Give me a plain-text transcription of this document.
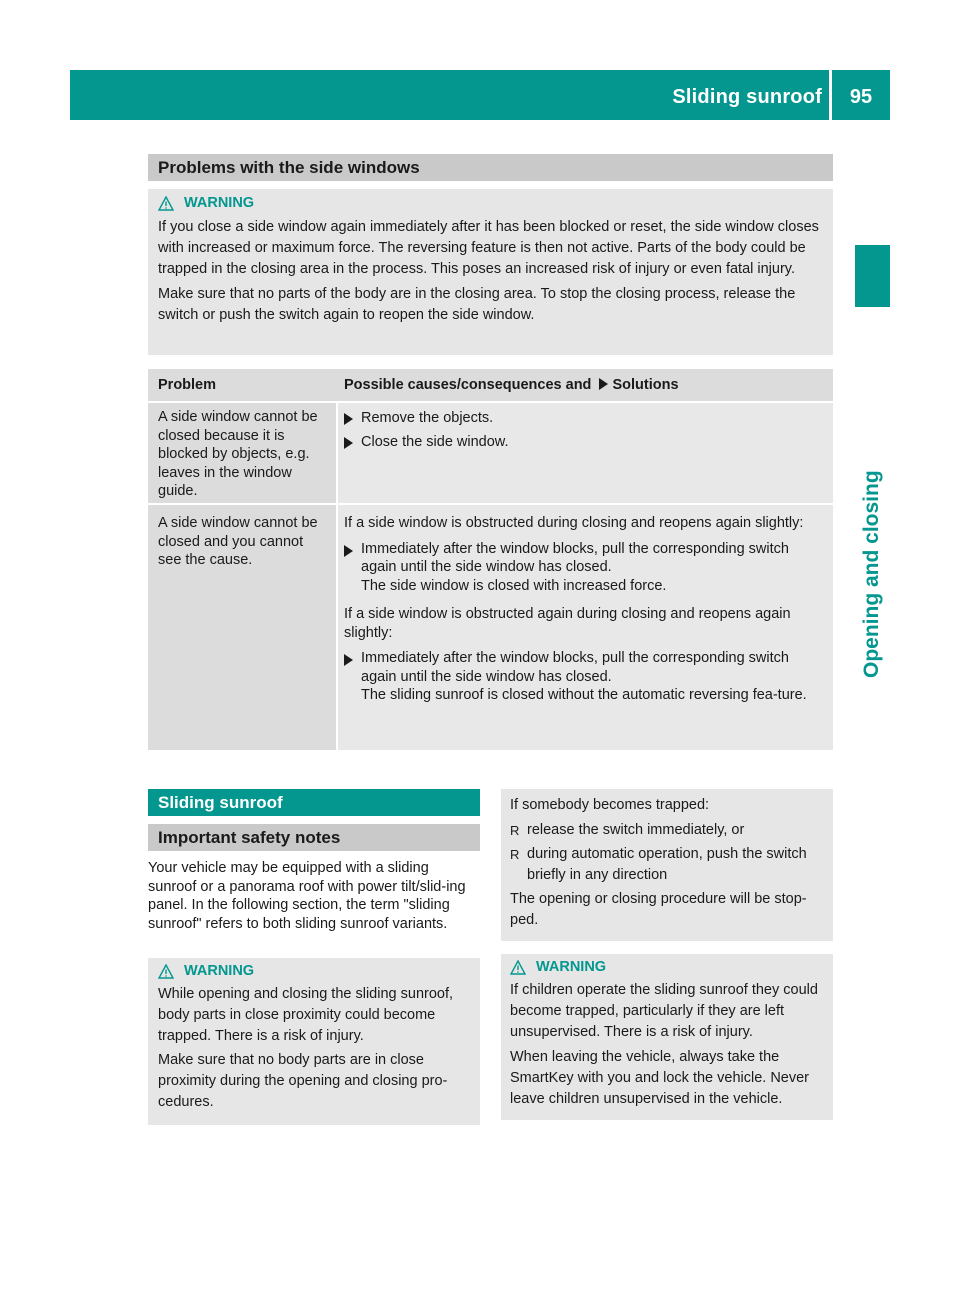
Sliding sunroof	95
Opening and closing
Problems with the side windows
WARNING

If you close a side window again immediately after it has been blocked or reset, the side window closes with increased or maximum force. The reversing feature is then not active. Parts of the body could be trapped in the closing area in the process. This poses an increased risk of injury or even fatal injury.

Make sure that no parts of the body are in the closing area. To stop the closing process, release the switch or push the switch again to reopen the side window.

Problem	Possible causes/consequences and Solutions

A side window cannot be closed because it is blocked by objects, e.g. leaves in the window guide.

Remove the objects.
Close the side window.

A side window cannot be closed and you cannot see the cause.

If a side window is obstructed during closing and reopens again slightly:

Immediately after the window blocks, pull the corresponding switch again until the side window has closed.

The side window is closed with increased force.

If a side window is obstructed again during closing and reopens again slightly:

Immediately after the window blocks, pull the corresponding switch again until the side window has closed.

The sliding sunroof is closed without the automatic reversing fea-ture.

Sliding sunroof
Important safety notes

Your vehicle may be equipped with a sliding sunroof or a panorama roof with power tilt/slid-ing panel. In the following section, the term "sliding sunroof" refers to both sliding sunroof variants.

WARNING

While opening and closing the sliding sunroof, body parts in close proximity could become trapped. There is a risk of injury.

Make sure that no body parts are in close proximity during the opening and closing pro-cedures.

If somebody becomes trapped:

R release the switch immediately, or
R during automatic operation, push the switch briefly in any direction

The opening or closing procedure will be stop-ped.

WARNING

If children operate the sliding sunroof they could become trapped, particularly if they are left unsupervised. There is a risk of injury.

When leaving the vehicle, always take the SmartKey with you and lock the vehicle. Never leave children unsupervised in the vehicle.
